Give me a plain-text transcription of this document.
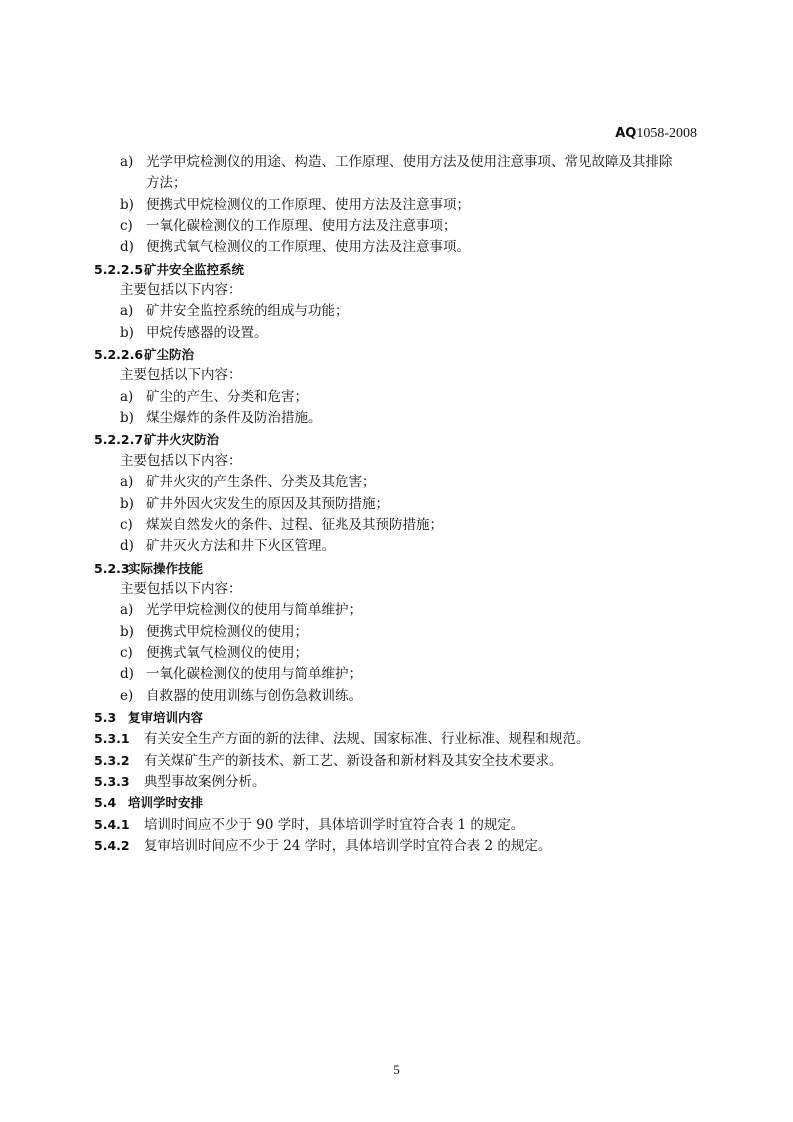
AQ1058-2008
a) 光学甲烷检测仪的用途、构造、工作原理、使用方法及使用注意事项、常见故障及其排除
方法；
b) 便携式甲烷检测仪的工作原理、使用方法及注意事项；
c) 一氧化碳检测仪的工作原理、使用方法及注意事项；
d) 便携式氧气检测仪的工作原理、使用方法及注意事项。
5.2.2.5矿井安全监控系统
主要包括以下内容：
a) 矿井安全监控系统的组成与功能；
b) 甲烷传感器的设置。
5.2.2.6矿尘防治
主要包括以下内容：
a) 矿尘的产生、分类和危害；
b) 煤尘爆炸的条件及防治措施。
5.2.2.7矿井火灾防治
主要包括以下内容：
a) 矿井火灾的产生条件、分类及其危害；
b) 矿井外因火灾发生的原因及其预防措施；
c) 煤炭自然发火的条件、过程、征兆及其预防措施；
d) 矿井灭火方法和井下火区管理。
5.2.3实际操作技能
主要包括以下内容：
a) 光学甲烷检测仪的使用与简单维护；
b) 便携式甲烷检测仪的使用；
c) 便携式氧气检测仪的使用；
d) 一氧化碳检测仪的使用与简单维护；
e) 自救器的使用训练与创伤急救训练。
5.3 复审培训内容
5.3.1 有关安全生产方面的新的法律、法规、国家标准、行业标准、规程和规范。
5.3.2 有关煤矿生产的新技术、新工艺、新设备和新材料及其安全技术要求。
5.3.3 典型事故案例分析。
5.4 培训学时安排
5.4.1 培训时间应不少于 90 学时，具体培训学时宜符合表 1 的规定。
5.4.2 复审培训时间应不少于 24 学时，具体培训学时宜符合表 2 的规定。
5
